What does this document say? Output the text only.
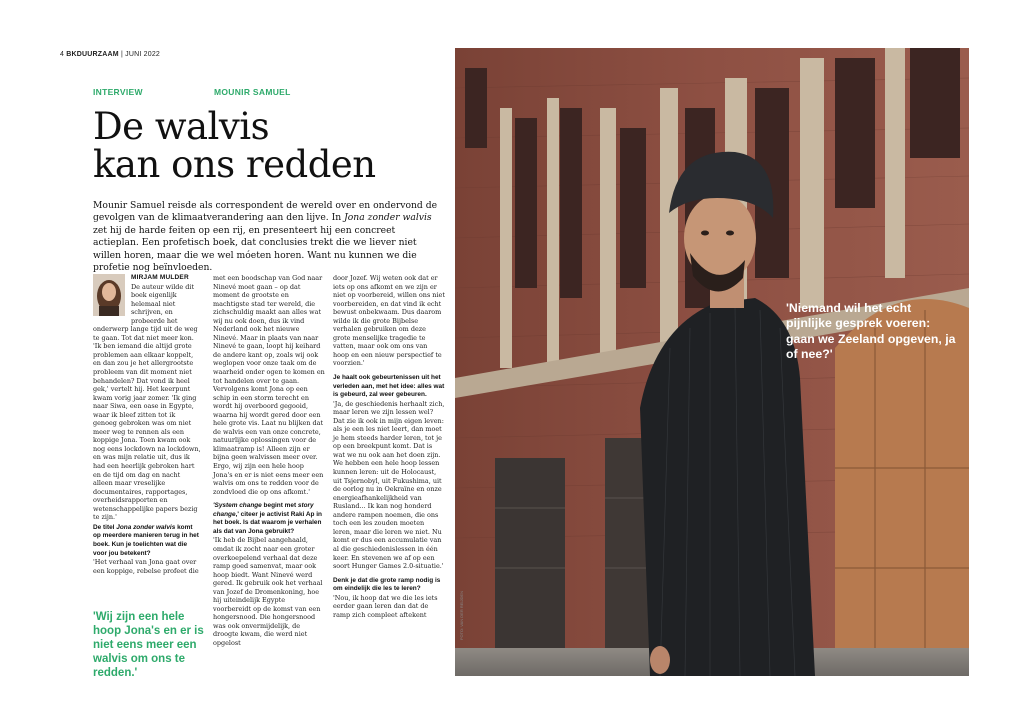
4 BKDUURZAAM | JUNI 2022
INTERVIEW	MOUNIR SAMUEL
De walvis
kan ons redden
Mounir Samuel reisde als correspondent de wereld over en ondervond de gevolgen van de klimaatverandering aan den lijve. In Jona zonder walvis zet hij de harde feiten op een rij, en presenteert hij een concreet actieplan. Een profetisch boek, dat conclusies trekt die we liever niet willen horen, maar die we wel móeten horen. Want nu kunnen we die profetie nog beïnvloeden.
MIRJAM MULDER

De auteur wilde dit boek eigenlijk helemaal niet schrijven, en probeerde het onderwerp lange tijd uit de weg te gaan. Tot dat niet meer kon. 'Ik ben iemand die altijd grote problemen aan elkaar koppelt, en dan zou je het allergrootste probleem van dit moment niet behandelen? Dat vond ik heel gek,' vertelt hij. Het keerpunt kwam vorig jaar zomer. 'Ik ging naar Siwa, een oase in Egypte, waar ik bleef zitten tot ik genoeg gebroken was om niet meer weg te rennen als een koppige Jona. Toen kwam ook nog eens lockdown na lockdown, en was mijn relatie uit, dus ik had een heerlijk gebroken hart en de tijd om dag en nacht alleen maar vreselijke documentaires, rapportages, overheidsrapporten en wetenschappelijke papers bezig te zijn.'

De titel Jona zonder walvis komt op meerdere manieren terug in het boek. Kun je toelichten wat die voor jou betekent?

'Het verhaal van Jona gaat over een koppige, rebelse profeet die

'Wij zijn een hele hoop Jona's en er is niet eens meer een walvis om ons te redden.'

met een boodschap van God naar Ninevé moet gaan – op dat moment de grootste en machtigste stad ter wereld, die zichschuldig maakt aan alles wat wij nu ook doen, dus ik vind Nederland ook het nieuwe Ninevé. Maar in plaats van naar Ninevé te gaan, loopt hij keihard de andere kant op, zoals wij ook weglopen voor onze taak om de waarheid onder ogen te komen en tot handelen over te gaan. Vervolgens komt Jona op een schip in een storm terecht en wordt hij overboord gegooid, waarna hij wordt gered door een hele grote vis. Laat nu blijken dat de walvis een van onze concrete, natuurlijke oplossingen voor de klimaatramp is! Alleen zijn er bijna geen walvissen meer over. Ergo, wij zijn een hele hoop Jona's en er is niet eens meer een walvis om ons te redden voor de zondvloed die op ons afkomt.'

'System change begint met story change,' citeer je activist Raki Ap in het boek. Is dat waarom je verhalen als dat van Jona gebruikt?

'Ik heb de Bijbel aangehaald, omdat ik zocht naar een groter overkoepelend verhaal dat deze ramp goed samenvat, maar ook hoop biedt. Want Ninevé werd gered. Ik gebruik ook het verhaal van Jozef de Dromenkoning, hoe hij uiteindelijk Egypte voorbereidt op de komst van een hongersnood. Die hongersnood was ook onvermijdelijk, de droogte kwam, die werd niet opgelost

door Jozef. Wij weten ook dat er iets op ons afkomt en we zijn er niet op voorbereid, willen ons niet voorbereiden, en dat vind ik echt bewust onbekwaam. Dus daarom wilde ik die grote Bijbelse verhalen gebruiken om deze grote menselijke tragedie te vatten, maar ook om ons van hoop en een nieuw perspectief te voorzien.'

Je haalt ook gebeurtenissen uit het verleden aan, met het idee: alles wat is gebeurd, zal weer gebeuren.

'Ja, de geschiedenis herhaalt zich, maar leren we zijn lessen wel? Dat zie ik ook in mijn eigen leven: als je een les niet leert, dan moet je hem steeds harder leren, tot je op een breekpunt komt. Dat is wat we nu ook aan het doen zijn. We hebben een hele hoop lessen kunnen leren: uit de Holocaust, uit Tsjernobyl, uit Fukushima, uit de oorlog nu in Oekraïne en onze energieafhankelijkheid van Rusland... Ik kan nog honderd andere rampen noemen, die ons toch een les zouden moeten leren, maar die leren we niet. Nu komt er dus een accumulatie van al die geschiedenislessen in één keer. En stevenen we af op een soort Hunger Games 2.0-situatie.'

Denk je dat die grote ramp nodig is om eindelijk die les te leren?

'Nou, ik hoop dat we die les iets eerder gaan leren dan dat de ramp zich compleet aftekent

'Niemand wil het echt pijnlijke gesprek voeren: gaan we Zeeland opgeven, ja of nee?'
FOTO: VAN DER REIJDEN
